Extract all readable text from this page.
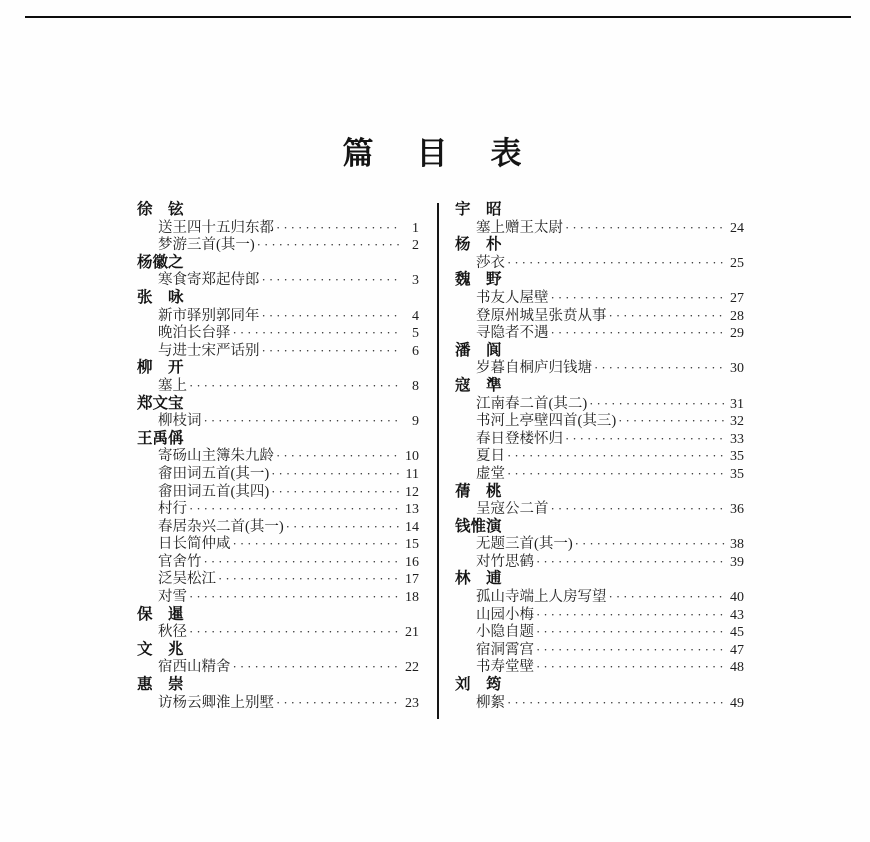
篇　目　表
徐　铉
送王四十五归东都 ·····	1
梦游三首(其一) ·····	2
杨徽之
寒食寄郑起侍郎 ·····	3
张　咏
新市驿别郭同年 ·····	4
晚泊长台驿 ·····	5
与进士宋严话别 ·····	6
柳　开
塞上 ·····	8
郑文宝
柳枝词 ·····	9
王禹偁
寄砀山主簿朱九龄 ·····	10
畲田词五首(其一) ·····	11
畲田词五首(其四) ·····	12
村行 ·····	13
春居杂兴二首(其一) ·····	14
日长简仲咸 ·····	15
官舍竹 ·····	16
泛吴松江 ·····	17
对雪 ·····	18
保　暹
秋径 ·····	21
文　兆
宿西山精舍 ·····	22
惠　崇
访杨云卿淮上别墅 ·····	23
宇　昭
塞上赠王太尉 ·····	24
杨　朴
莎衣 ·····	25
魏　野
书友人屋壁 ·····	27
登原州城呈张贲从事 ·····	28
寻隐者不遇 ·····	29
潘　阆
岁暮自桐庐归钱塘 ·····	30
寇　準
江南春二首(其二) ·····	31
书河上亭壁四首(其三) ·····	32
春日登楼怀归 ·····	33
夏日 ·····	35
虚堂 ·····	35
蒨　桃
呈寇公二首 ·····	36
钱惟演
无题三首(其一) ·····	38
对竹思鹤 ·····	39
林　逋
孤山寺端上人房写望 ·····	40
山园小梅 ·····	43
小隐自题 ·····	45
宿洞霄宫 ·····	47
书寿堂壁 ·····	48
刘　筠
柳絮 ·····	49
